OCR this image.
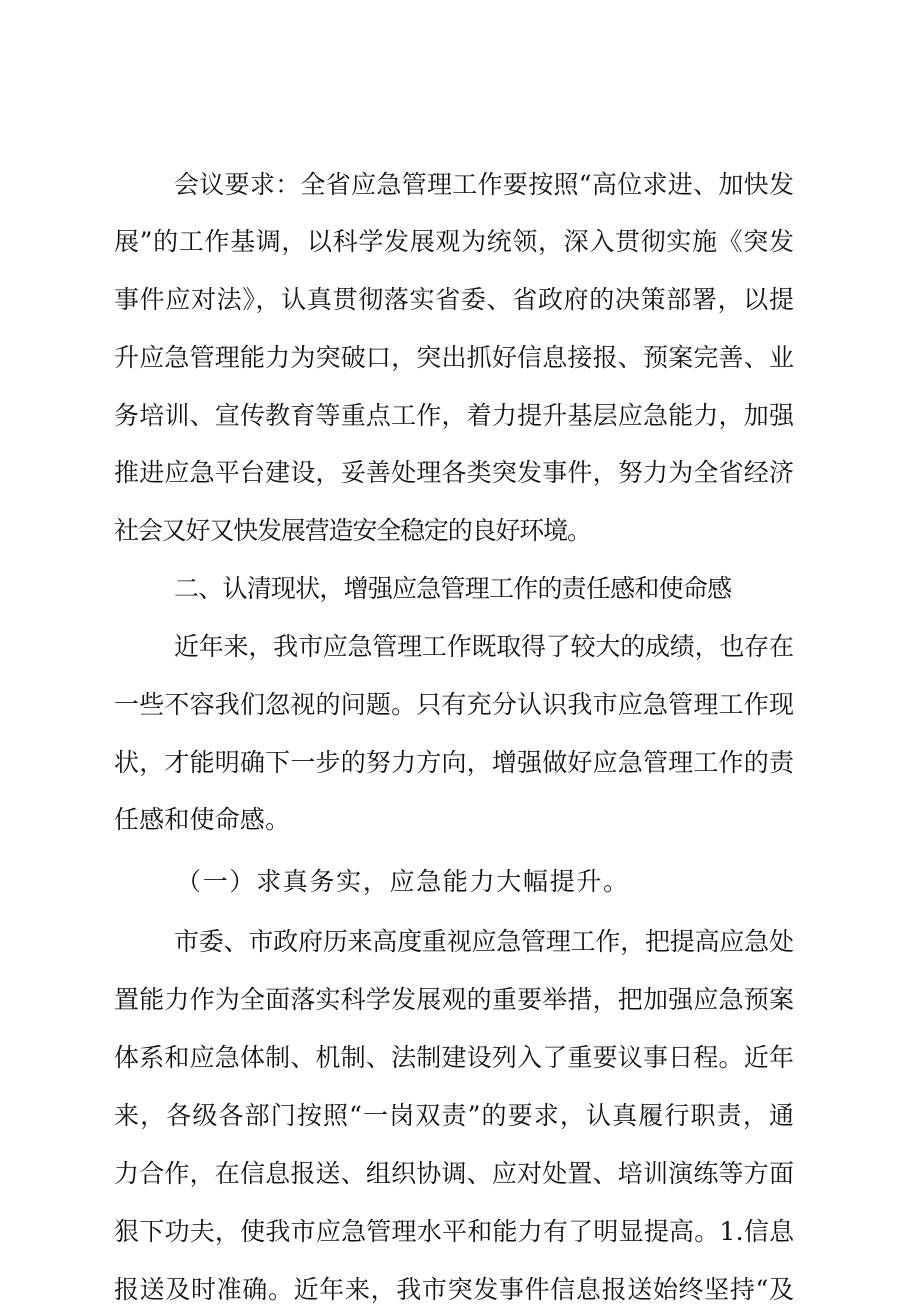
会议要求：全省应急管理工作要按照“高位求进、加快发
展”的工作基调，以科学发展观为统领，深入贯彻实施《突发
事件应对法》，认真贯彻落实省委、省政府的决策部署，以提
升应急管理能力为突破口，突出抓好信息接报、预案完善、业
务培训、宣传教育等重点工作，着力提升基层应急能力，加强
推进应急平台建设，妥善处理各类突发事件，努力为全省经济
社会又好又快发展营造安全稳定的良好环境。
二、认清现状，增强应急管理工作的责任感和使命感
近年来，我市应急管理工作既取得了较大的成绩，也存在
一些不容我们忽视的问题。只有充分认识我市应急管理工作现
状，才能明确下一步的努力方向，增强做好应急管理工作的责
任感和使命感。
（一）求真务实，应急能力大幅提升。
市委、市政府历来高度重视应急管理工作，把提高应急处
置能力作为全面落实科学发展观的重要举措，把加强应急预案
体系和应急体制、机制、法制建设列入了重要议事日程。近年
来，各级各部门按照“一岗双责”的要求，认真履行职责，通
力合作，在信息报送、组织协调、应对处置、培训演练等方面
狠下功夫，使我市应急管理水平和能力有了明显提高。1.信息
报送及时准确。近年来，我市突发事件信息报送始终坚持“及
